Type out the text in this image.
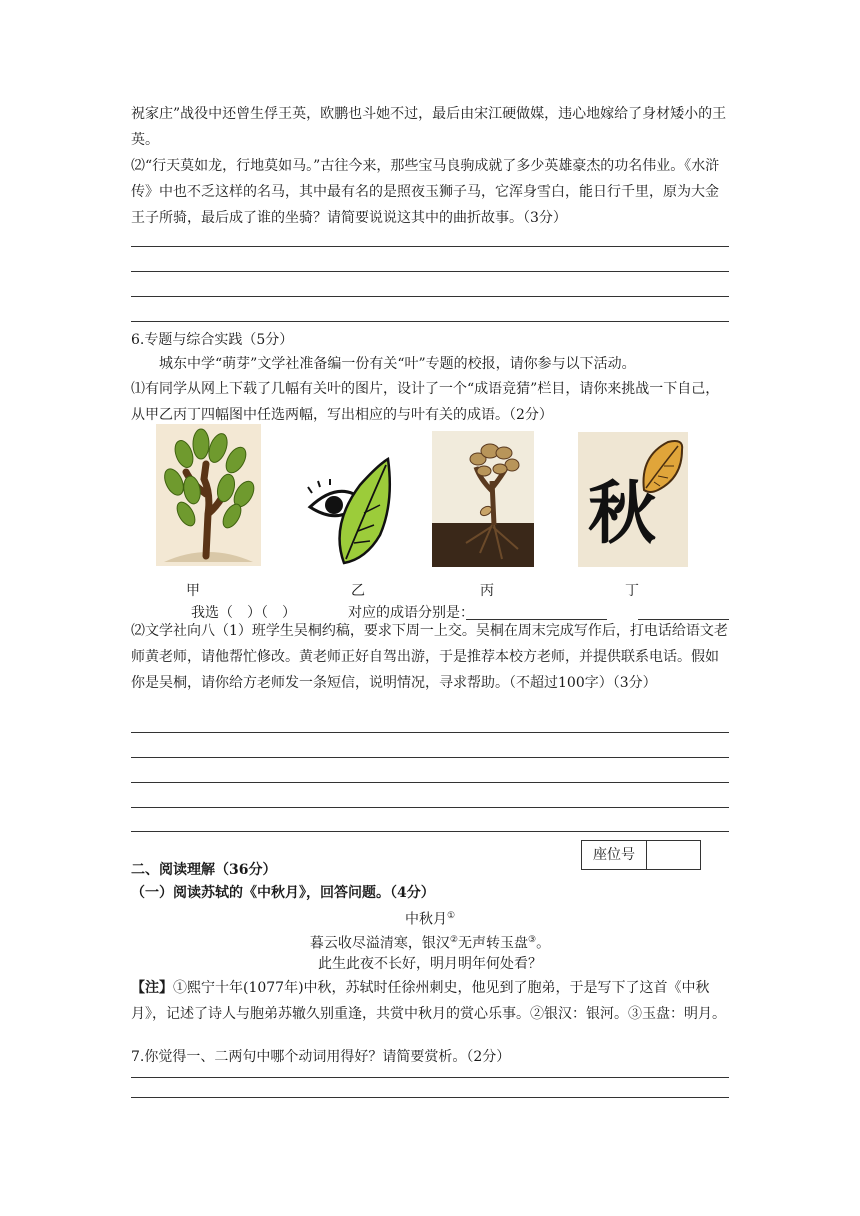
祝家庄”战役中还曾生俘王英，欧鹏也斗她不过，最后由宋江硬做媒，违心地嫁给了身材矮小的王英。

⑵“行天莫如龙，行地莫如马。”古往今来，那些宝马良驹成就了多少英雄豪杰的功名伟业。《水浒传》中也不乏这样的名马，其中最有名的是照夜玉狮子马，它浑身雪白，能日行千里，原为大金王子所骑，最后成了谁的坐骑？请简要说说这其中的曲折故事。（3分）

6.专题与综合实践（5分）

城东中学“萌芽”文学社准备编一份有关“叶”专题的校报，请你参与以下活动。

⑴有同学从网上下载了几幅有关叶的图片，设计了一个“成语竞猜”栏目，请你来挑战一下自己，从甲乙丙丁四幅图中任选两幅，写出相应的与叶有关的成语。（2分）

秋
甲	乙	丙	丁
我选（　）（　）	对应的成语分别是：

⑵文学社向八（1）班学生吴桐约稿，要求下周一上交。吴桐在周末完成写作后，打电话给语文老师黄老师，请他帮忙修改。黄老师正好自驾出游，于是推荐本校方老师，并提供联系电话。假如你是吴桐，请你给方老师发一条短信，说明情况，寻求帮助。（不超过100字）（3分）

座位号

二、阅读理解（36分）

（一）阅读苏轼的《中秋月》，回答问题。（4分）

中秋月①
暮云收尽溢清寒，银汉②无声转玉盘③。
此生此夜不长好，明月明年何处看？

【注】①熙宁十年(1077年)中秋，苏轼时任徐州刺史，他见到了胞弟，于是写下了这首《中秋月》，记述了诗人与胞弟苏辙久别重逢，共赏中秋月的赏心乐事。②银汉：银河。③玉盘：明月。

7.你觉得一、二两句中哪个动词用得好？请简要赏析。（2分）
